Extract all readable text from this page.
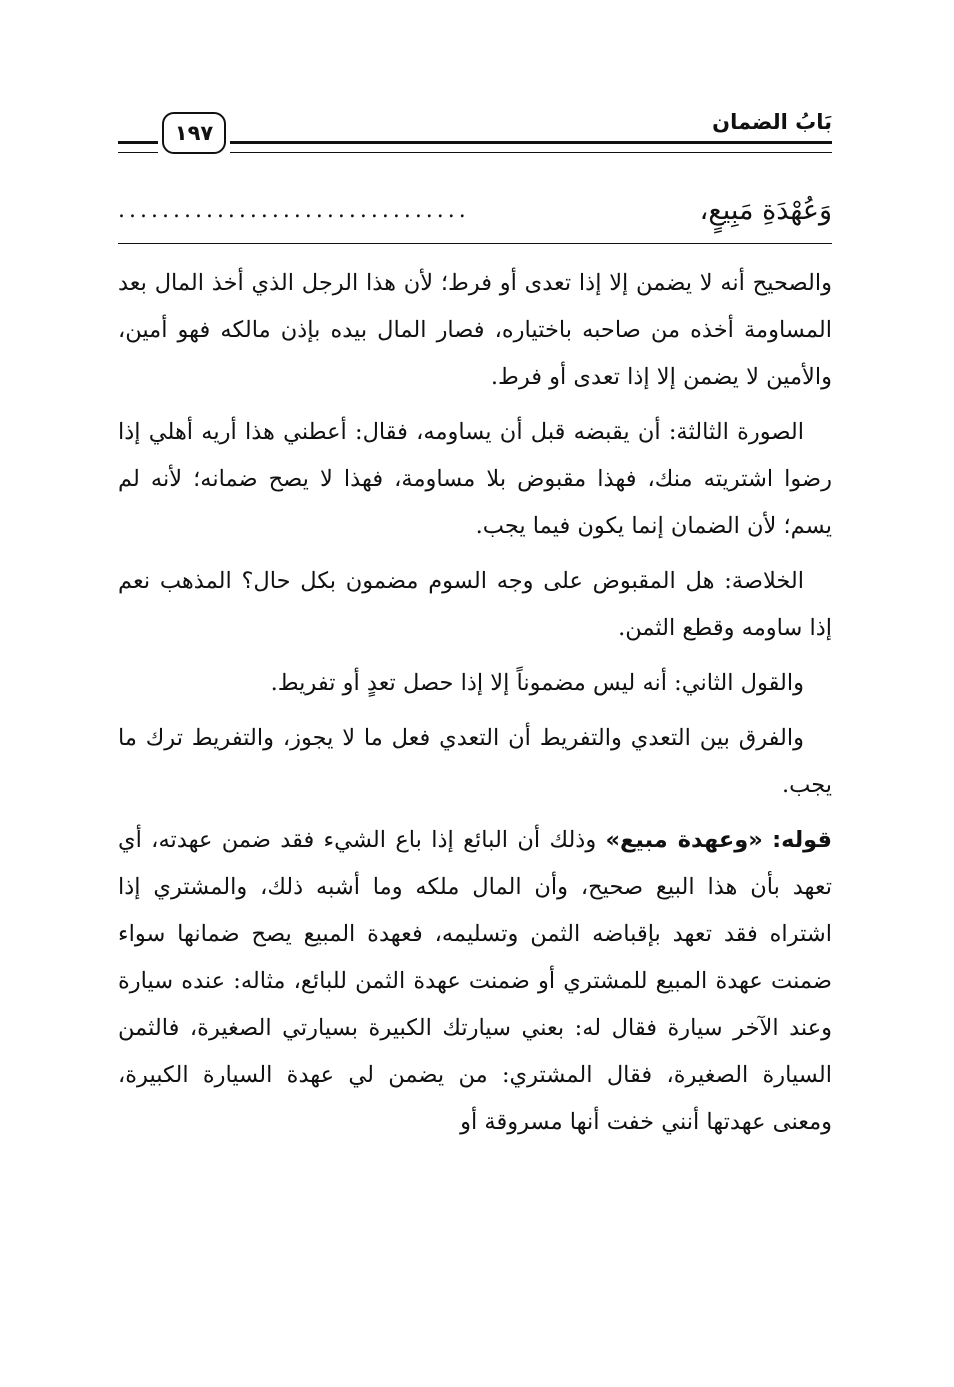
بَابُ الضمان
١٩٧
وَعُهْدَةِ مَبِيعٍ،
................................

والصحيح أنه لا يضمن إلا إذا تعدى أو فرط؛ لأن هذا الرجل الذي أخذ المال بعد المساومة أخذه من صاحبه باختياره، فصار المال بيده بإذن مالكه فهو أمين، والأمين لا يضمن إلا إذا تعدى أو فرط.

الصورة الثالثة: أن يقبضه قبل أن يساومه، فقال: أعطني هذا أريه أهلي إذا رضوا اشتريته منك، فهذا مقبوض بلا مساومة، فهذا لا يصح ضمانه؛ لأنه لم يسم؛ لأن الضمان إنما يكون فيما يجب.

الخلاصة: هل المقبوض على وجه السوم مضمون بكل حال؟ المذهب نعم إذا ساومه وقطع الثمن.

والقول الثاني: أنه ليس مضموناً إلا إذا حصل تعدٍ أو تفريط.

والفرق بين التعدي والتفريط أن التعدي فعل ما لا يجوز، والتفريط ترك ما يجب.

قوله: «وعهدة مبيع» وذلك أن البائع إذا باع الشيء فقد ضمن عهدته، أي تعهد بأن هذا البيع صحيح، وأن المال ملكه وما أشبه ذلك، والمشتري إذا اشتراه فقد تعهد بإقباضه الثمن وتسليمه، فعهدة المبيع يصح ضمانها سواء ضمنت عهدة المبيع للمشتري أو ضمنت عهدة الثمن للبائع، مثاله: عنده سيارة وعند الآخر سيارة فقال له: بعني سيارتك الكبيرة بسيارتي الصغيرة، فالثمن السيارة الصغيرة، فقال المشتري: من يضمن لي عهدة السيارة الكبيرة، ومعنى عهدتها أنني خفت أنها مسروقة أو
